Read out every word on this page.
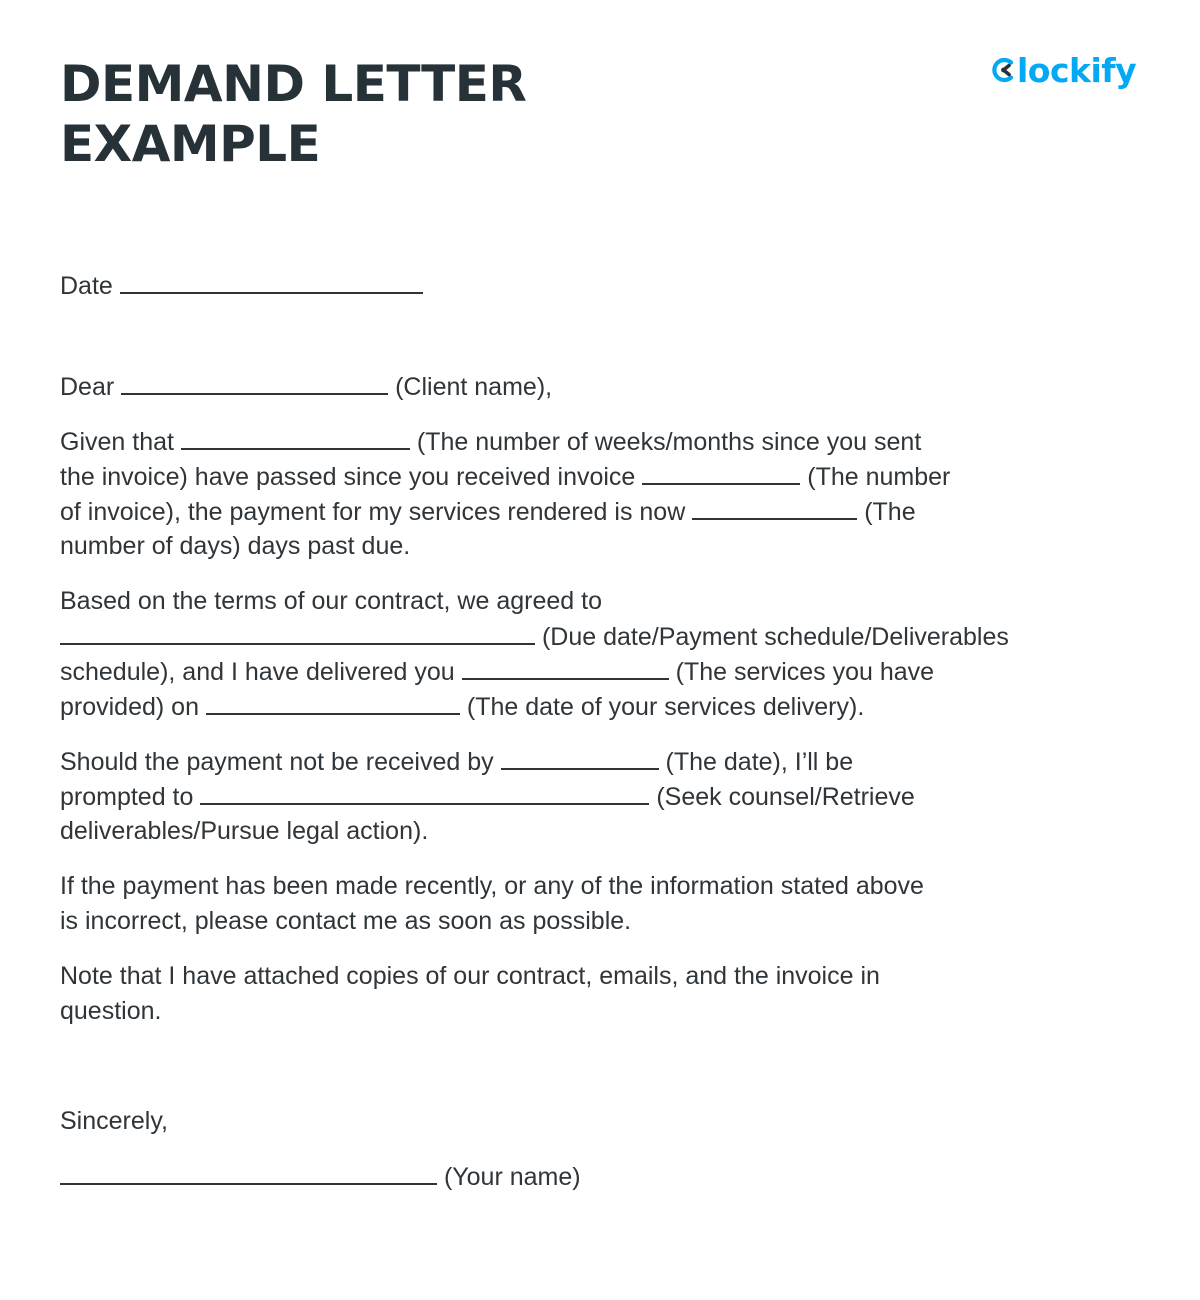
DEMAND LETTER
EXAMPLE
lockify

Date

Dear	(Client name),

Given that	(The number of weeks/months since you sent
the invoice) have passed since you received invoice	(The number
of invoice), the payment for my services rendered is now	(The
number of days) days past due.

Based on the terms of our contract, we agreed to
(Due date/Payment schedule/Deliverables
schedule), and I have delivered you	(The services you have
provided) on	(The date of your services delivery).

Should the payment not be received by	(The date), I’ll be
prompted to	(Seek counsel/Retrieve
deliverables/Pursue legal action).

If the payment has been made recently, or any of the information stated above
is incorrect, please contact me as soon as possible.

Note that I have attached copies of our contract, emails, and the invoice in
question.

Sincerely,

(Your name)
